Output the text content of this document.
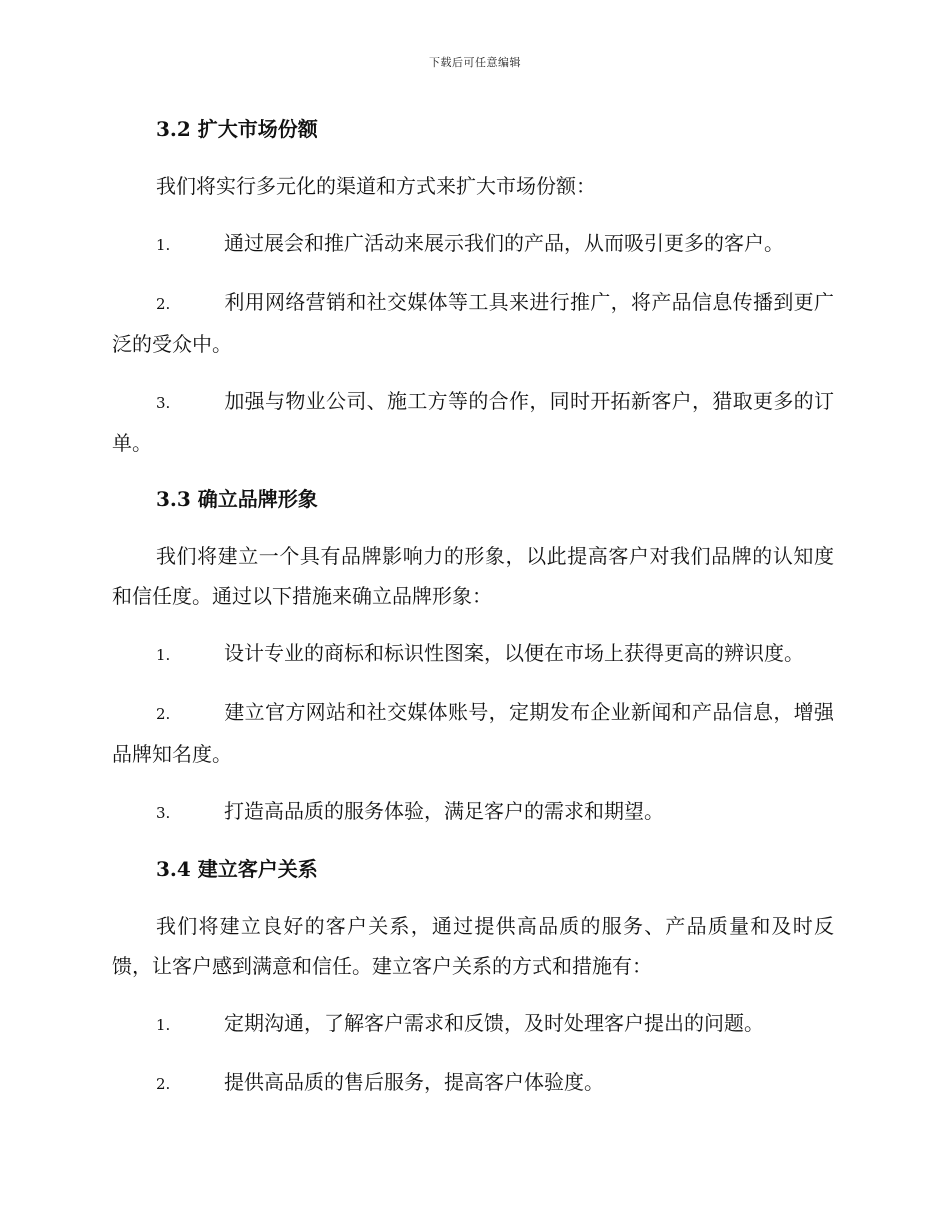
下载后可任意编辑
3.2 扩大市场份额
我们将实行多元化的渠道和方式来扩大市场份额：
1.	通过展会和推广活动来展示我们的产品，从而吸引更多的客户。
2.	利用网络营销和社交媒体等工具来进行推广，将产品信息传播到更广泛的受众中。
3.	加强与物业公司、施工方等的合作，同时开拓新客户，猎取更多的订单。
3.3 确立品牌形象
我们将建立一个具有品牌影响力的形象，以此提高客户对我们品牌的认知度和信任度。通过以下措施来确立品牌形象：
1.	设计专业的商标和标识性图案，以便在市场上获得更高的辨识度。
2.	建立官方网站和社交媒体账号，定期发布企业新闻和产品信息，增强品牌知名度。
3.	打造高品质的服务体验，满足客户的需求和期望。
3.4 建立客户关系
我们将建立良好的客户关系，通过提供高品质的服务、产品质量和及时反馈，让客户感到满意和信任。建立客户关系的方式和措施有：
1.	定期沟通，了解客户需求和反馈，及时处理客户提出的问题。
2.	提供高品质的售后服务，提高客户体验度。
